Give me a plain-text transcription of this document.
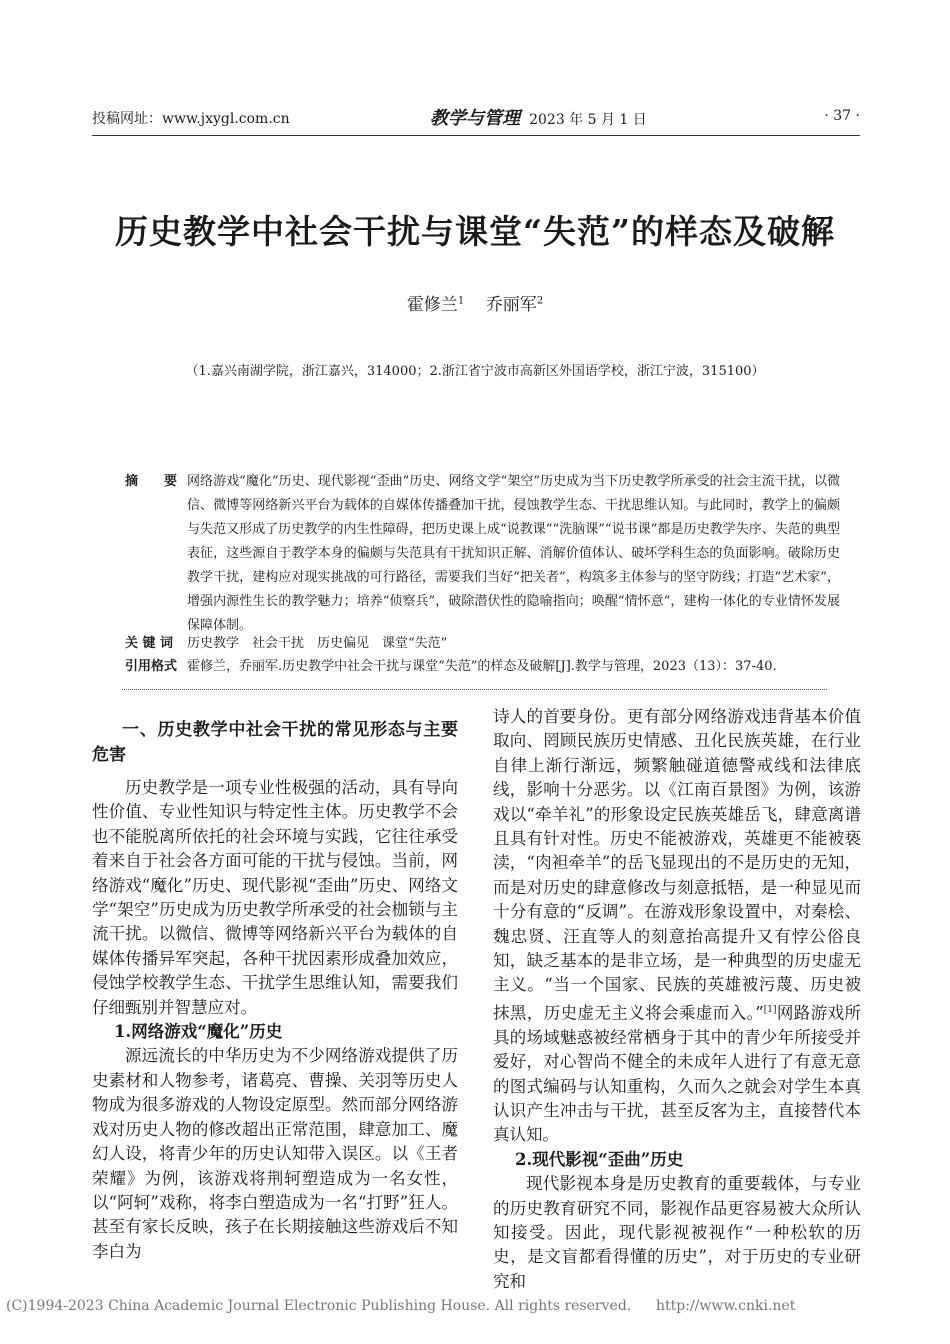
投稿网址：www.jxygl.com.cn	教学与管理 2023 年 5 月 1 日	· 37 ·
历史教学中社会干扰与课堂“失范”的样态及破解
霍修兰$^1$ 乔丽军$^2$
（1.嘉兴南湖学院，浙江嘉兴，314000；2.浙江省宁波市高新区外国语学校，浙江宁波，315100）
摘　　要 网络游戏“魔化”历史、现代影视“歪曲”历史、网络文学“架空”历史成为当下历史教学所承受的社会主流干扰，以微信、微博等网络新兴平台为载体的自媒体传播叠加干扰，侵蚀教学生态、干扰思维认知。与此同时，教学上的偏颇与失范又形成了历史教学的内生性障碍，把历史课上成“说教课”“洗脑课”“说书课”都是历史教学失序、失范的典型表征，这些源自于教学本身的偏颇与失范具有干扰知识正解、消解价值体认、破坏学科生态的负面影响。破除历史教学干扰，建构应对现实挑战的可行路径，需要我们当好“把关者”，构筑多主体参与的坚守防线；打造“艺术家”，增强内源性生长的教学魅力；培养“侦察兵”，破除潜伏性的隐喻指向；唤醒“情怀意”，建构一体化的专业情怀发展保障体制。
关 键 词 历史教学　社会干扰　历史偏见　课堂“失范”
引用格式 霍修兰，乔丽军.历史教学中社会干扰与课堂“失范”的样态及破解[J].教学与管理，2023（13）：37-40.

一、历史教学中社会干扰的常见形态与主要危害

历史教学是一项专业性极强的活动，具有导向性价值、专业性知识与特定性主体。历史教学不会也不能脱离所依托的社会环境与实践，它往往承受着来自于社会各方面可能的干扰与侵蚀。当前，网络游戏“魔化”历史、现代影视“歪曲”历史、网络文学“架空”历史成为历史教学所承受的社会枷锁与主流干扰。以微信、微博等网络新兴平台为载体的自媒体传播异军突起，各种干扰因素形成叠加效应，侵蚀学校教学生态、干扰学生思维认知，需要我们仔细甄别并智慧应对。

1.网络游戏“魔化”历史

源远流长的中华历史为不少网络游戏提供了历史素材和人物参考，诸葛亮、曹操、关羽等历史人物成为很多游戏的人物设定原型。然而部分网络游戏对历史人物的修改超出正常范围，肆意加工、魔幻人设，将青少年的历史认知带入误区。以《王者荣耀》为例，该游戏将荆轲塑造成为一名女性，以“阿轲”戏称，将李白塑造成为一名“打野”狂人。甚至有家长反映，孩子在长期接触这些游戏后不知李白为

诗人的首要身份。更有部分网络游戏违背基本价值取向、罔顾民族历史情感、丑化民族英雄，在行业自律上渐行渐远，频繁触碰道德警戒线和法律底线，影响十分恶劣。以《江南百景图》为例，该游戏以“牵羊礼”的形象设定民族英雄岳飞，肆意离谱且具有针对性。历史不能被游戏，英雄更不能被亵渎，“肉袒牵羊”的岳飞显现出的不是历史的无知，而是对历史的肆意修改与刻意抵牾，是一种显见而十分有意的“反调”。在游戏形象设置中，对秦桧、魏忠贤、汪直等人的刻意抬高提升又有悖公俗良知，缺乏基本的是非立场，是一种典型的历史虚无主义。“当一个国家、民族的英雄被污蔑、历史被抹黑，历史虚无主义将会乘虚而入。”[1]网路游戏所具的场域魅惑被经常栖身于其中的青少年所接受并爱好，对心智尚不健全的未成年人进行了有意无意的图式编码与认知重构，久而久之就会对学生本真认识产生冲击与干扰，甚至反客为主，直接替代本真认知。

2.现代影视“歪曲”历史

现代影视本身是历史教育的重要载体，与专业的历史教育研究不同，影视作品更容易被大众所认知接受。因此，现代影视被视作“一种松软的历史，是文盲都看得懂的历史”，对于历史的专业研究和

(C)1994-2023 China Academic Journal Electronic Publishing House. All rights reserved. http://www.cnki.net
